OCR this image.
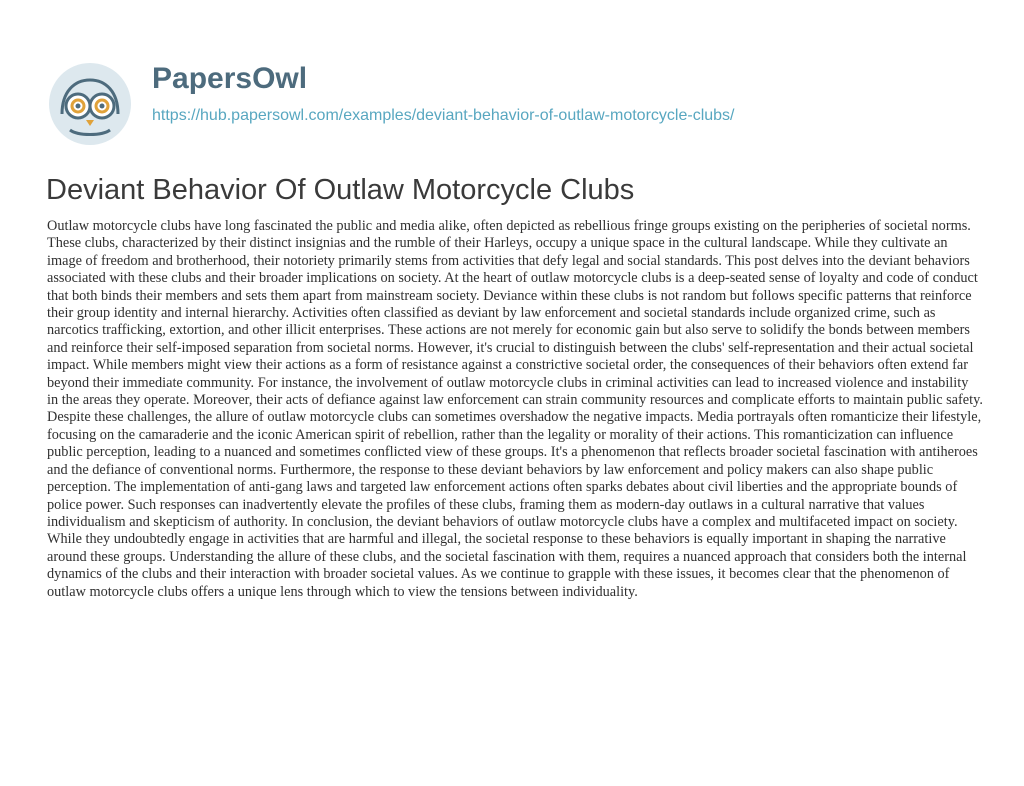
PapersOwl
https://hub.papersowl.com/examples/deviant-behavior-of-outlaw-motorcycle-clubs/
Deviant Behavior Of Outlaw Motorcycle Clubs

Outlaw motorcycle clubs have long fascinated the public and media alike, often depicted as rebellious fringe groups existing on the peripheries of societal norms. These clubs, characterized by their distinct insignias and the rumble of their Harleys, occupy a unique space in the cultural landscape. While they cultivate an image of freedom and brotherhood, their notoriety primarily stems from activities that defy legal and social standards. This post delves into the deviant behaviors associated with these clubs and their broader implications on society. At the heart of outlaw motorcycle clubs is a deep-seated sense of loyalty and code of conduct that both binds their members and sets them apart from mainstream society. Deviance within these clubs is not random but follows specific patterns that reinforce their group identity and internal hierarchy. Activities often classified as deviant by law enforcement and societal standards include organized crime, such as narcotics trafficking, extortion, and other illicit enterprises. These actions are not merely for economic gain but also serve to solidify the bonds between members and reinforce their self-imposed separation from societal norms. However, it's crucial to distinguish between the clubs' self-representation and their actual societal impact. While members might view their actions as a form of resistance against a constrictive societal order, the consequences of their behaviors often extend far beyond their immediate community. For instance, the involvement of outlaw motorcycle clubs in criminal activities can lead to increased violence and instability in the areas they operate. Moreover, their acts of defiance against law enforcement can strain community resources and complicate efforts to maintain public safety. Despite these challenges, the allure of outlaw motorcycle clubs can sometimes overshadow the negative impacts. Media portrayals often romanticize their lifestyle, focusing on the camaraderie and the iconic American spirit of rebellion, rather than the legality or morality of their actions. This romanticization can influence public perception, leading to a nuanced and sometimes conflicted view of these groups. It's a phenomenon that reflects broader societal fascination with antiheroes and the defiance of conventional norms. Furthermore, the response to these deviant behaviors by law enforcement and policy makers can also shape public perception. The implementation of anti-gang laws and targeted law enforcement actions often sparks debates about civil liberties and the appropriate bounds of police power. Such responses can inadvertently elevate the profiles of these clubs, framing them as modern-day outlaws in a cultural narrative that values individualism and skepticism of authority. In conclusion, the deviant behaviors of outlaw motorcycle clubs have a complex and multifaceted impact on society. While they undoubtedly engage in activities that are harmful and illegal, the societal response to these behaviors is equally important in shaping the narrative around these groups. Understanding the allure of these clubs, and the societal fascination with them, requires a nuanced approach that considers both the internal dynamics of the clubs and their interaction with broader societal values. As we continue to grapple with these issues, it becomes clear that the phenomenon of outlaw motorcycle clubs offers a unique lens through which to view the tensions between individuality.
